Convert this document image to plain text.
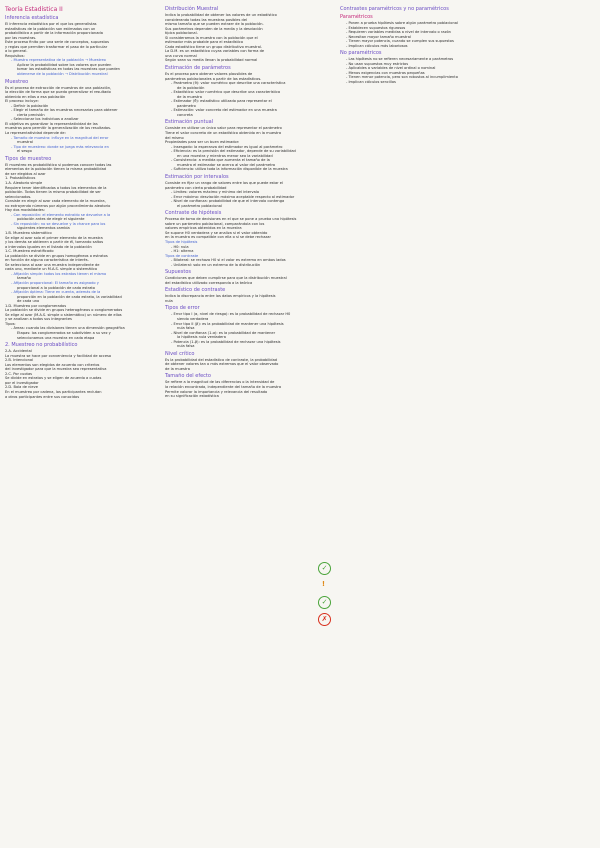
Teoría Estadística II
Inferencia estadística
El inferencia estadística por el que los generalistas
estadísticas de la población son estimados con un
probabilística a partir de la información proporcionada
por las muestras.
Este proceso finito por una serie de conceptos, supuestos
y reglas que permiten trasformar el paso de lo particular
a lo general.
Requisitos:
- Muestra representativa de la población → Muestreo
Aplicar la probabilidad sobre los valores que pueden
tomar las estadísticas en todas las muestras que pueden
obtenerse de la población → Distribución muestral
Muestreo
Es el proceso de extracción de muestras de una población,
la elección de forma que se pueda generalizar el resultado
obtenido en ellas a esa población
El proceso incluye:
- Definir la población
- Elegir el tamaño de las muestras necesarias para obtener
cierta precisión
- Seleccionar los individuos a analizar
El objetivo es garantizar la representatividad de las
muestras para permitir la generalización de los resultados.
La representatividad depende de:
- Tamaño de muestra: influye en la magnitud del error
muestral
- Tipo de muestreo: donde se juega más relevancia en
el sesgo
Tipos de muestreo
El muestreo es probabilístico si podemos conocer todas las
elementos de la población tienen la misma probabilidad
de ser elegidos al azar
1. Probabilísticos
1.A. Aleatorio simple
Requiere tener identificados a todos los elementos de la
población. Todos tienen la misma probabilidad de ser
seleccionados.
Consiste en elegir al azar cada elemento de la muestra,
no extrayendo números por algún procedimiento aleatorio
Hay dos modalidades:
- Con reposición: el elemento extraído se devuelve a la
población antes de elegir el siguiente
- Sin reposición: no se devuelve y la chance para los
siguientes elementos cambia
1.B. Muestreo sistemático
Se elige al azar solo el primer elemento de la muestra
y los demás se obtienen a partir de él, tomando saltos
a intervalos iguales en el listado de la población
1.C. Muestreo estratificado
La población se divide en grupos homogéneos o estratos
en función de alguna característica de interés.
Se selecciona al azar una muestra independiente de
cada uno, mediante un M.A.S. simple o sistemático
- Afijación simple: todos los estratos tienen el mismo
tamaño
- Afijación proporcional: El tamaño es asignado y
proporcional a la población de cada estrato
- Afijación óptima: Tiene en cuenta, además de la
proporción en la población de cada estrato, la variabilidad
de cada uno
1.D. Muestreo por conglomerados
La población se divide en grupos heterogéneos o conglomerados
Se elige al azar (M.A.S. simple o sistemático) un número de ellos
y se analizan a todos sus integrantes
Tipos:
- Áreas: cuando las divisiones tienen una dimensión geográfica
Etapas: los conglomerados se subdividen a su vez y
seleccionamos una muestra en cada etapa
2. Muestreo no probabilístico
2.A. Accidental
La muestra se hace por conveniencia y facilidad de acceso
2.B. Intencional
Los elementos son elegidos de acuerdo con criterios
del investigador para que la muestra sea representativa
2.C. Por cuotas
Se divide en estratos y se eligen de acuerdo a cuotas
por el investigador
2.D. Bola de nieve
En el muestreo por cadena, los participantes reclutan
a otros participantes entre sus conocidos
Distribución Muestral
Indica la probabilidad de obtener los valores de un estadístico
considerando todas las muestras posibles del
mismo tamaño que se pueden extraer de la población.
Sus parámetros dependen de la media y la desviación
típica poblacional.
Si consideramos la muestra con la población que el
estimador más probable para el estadístico
Cada estadístico tiene un grupo distributivo muestral.
La D.M. es un estadístico cuyas variables con forma de
una curva normal
Según sean su media llevan la probabilidad normal
Estimación de parámetros
Es el proceso para obtener valores plausibles de
parámetros poblacionales a partir de los estadísticos.
- Parámetro (θ): valor numérico que describe una característica
de la población
- Estadístico: valor numérico que describe una característica
de la muestra
- Estimador (θ̂): estadístico utilizado para representar el
parámetro
- Estimación: valor concreto del estimador en una muestra
concreta
Estimación puntual
Consiste en utilizar un único valor para representar el parámetro
Tiene el valor concreto de un estadístico obtenido en la muestra
del mismo
Propiedades para ser un buen estimador:
- Insesgado: la esperanza del estimador es igual al parámetro
- Eficiencia: es la precisión del estimador, depende de su variabilidad
en una muestra y mientras menor sea la variabilidad
- Consistencia: a medida que aumenta el tamaño de la
muestra el estimador se acerca al valor del parámetro
- Suficiencia: utiliza toda la información disponible de la muestra
Estimación por intervalos
Consiste en fijar un rango de valores entre los que puede estar el
parámetro con cierta probabilidad
- Límites: valores máximo y mínimo del intervalo
- Error máximo: desviación máxima aceptable respecto al estimador
- Nivel de confianza: probabilidad de que el intervalo contenga
el parámetro poblacional
Contraste de hipótesis
Proceso de toma de decisiones en el que se pone a prueba una hipótesis
sobre un parámetro poblacional, comparándola con los
valores empíricos obtenidos en la muestra
Se supone H0 verdadera y se analiza si el valor obtenido
en la muestra es compatible con ella o si se debe rechazar
Tipos de hipótesis
- H0: nula
- H1: alterna
Tipos de contraste
- Bilateral: se rechaza H0 si el valor es extremo en ambos lados
- Unilateral: solo en un extremo de la distribución
Supuestos
Condiciones que deben cumplirse para que la distribución muestral
del estadístico utilizado corresponda a la teórica
Estadístico de contraste
Indica la discrepancia entre los datos empíricos y la hipótesis
nula
Tipos de error
- Error tipo I (α, nivel de riesgo): es la probabilidad de rechazar H0
siendo verdadera
- Error tipo II (β): es la probabilidad de mantener una hipótesis
nula falsa
- Nivel de confianza (1-α): es la probabilidad de mantener
la hipótesis nula verdadera
- Potencia (1-β): es la probabilidad de rechazar una hipótesis
nula falsa
Nivel crítico
Es la probabilidad del estadístico de contraste, la probabilidad
de obtener valores tan o más extremos que el valor observado
de la muestra
Tamaño del efecto
Se refiere a la magnitud de las diferencias o la intensidad de
la relación encontrada, independiente del tamaño de la muestra
Permite valorar la importancia y relevancia del resultado
en su significación estadística
Contrastes paramétricos y no paramétricos
Paramétricos
- Ponen a prueba hipótesis sobre algún parámetro poblacional
- Establecen supuestos rigurosos
- Requieren variables medidas a nivel de intervalo o razón
- Necesitan mayor tamaño muestral
- Tienen mayor potencia, cuando se cumplen sus supuestos
- Implican cálculos más laboriosos
No paramétricos
- Las hipótesis no se refieren necesariamente a parámetros
- No usan supuestos muy estrictos
- Aplicables a variables de nivel ordinal o nominal
- Menos exigencias con muestras pequeñas
- Tienen menor potencia, pero son robustos al incumplimiento
- Implican cálculos sencillos
✓
!
✓
✗
